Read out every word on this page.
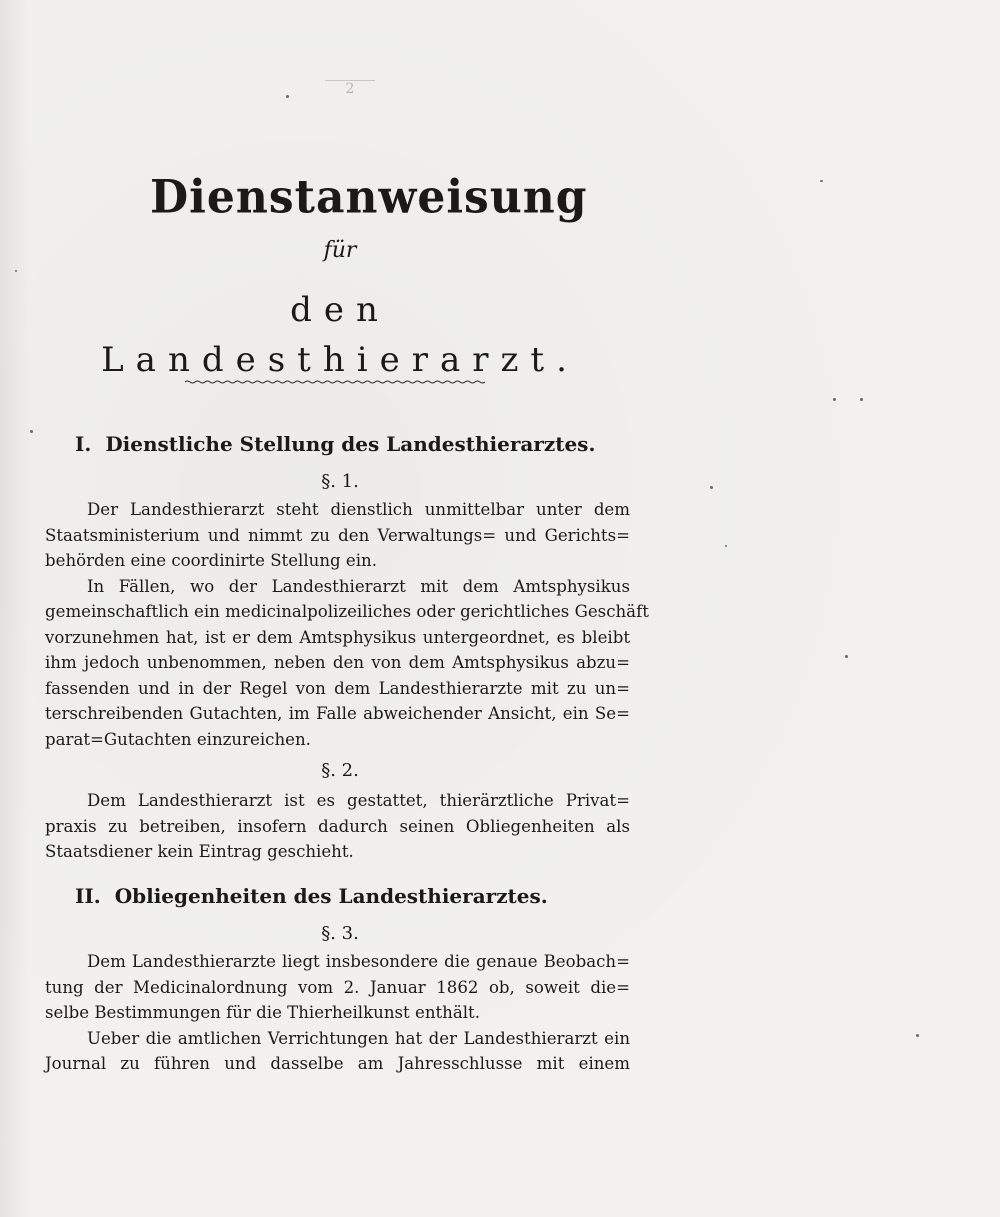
2
Dienstanweisung
für
den Landesthierarzt.
I. Dienstliche Stellung des Landesthierarztes.
§. 1.
Der Landesthierarzt steht dienstlich unmittelbar unter dem
Staatsministerium und nimmt zu den Verwaltungs= und Gerichts=
behörden eine coordinirte Stellung ein.
In Fällen, wo der Landesthierarzt mit dem Amtsphysikus
gemeinschaftlich ein medicinalpolizeiliches oder gerichtliches Geschäft
vorzunehmen hat, ist er dem Amtsphysikus untergeordnet, es bleibt
ihm jedoch unbenommen, neben den von dem Amtsphysikus abzu=
fassenden und in der Regel von dem Landesthierarzte mit zu un=
terschreibenden Gutachten, im Falle abweichender Ansicht, ein Se=
parat=Gutachten einzureichen.
§. 2.
Dem Landesthierarzt ist es gestattet, thierärztliche Privat=
praxis zu betreiben, insofern dadurch seinen Obliegenheiten als
Staatsdiener kein Eintrag geschieht.
II. Obliegenheiten des Landesthierarztes.
§. 3.
Dem Landesthierarzte liegt insbesondere die genaue Beobach=
tung der Medicinalordnung vom 2. Januar 1862 ob, soweit die=
selbe Bestimmungen für die Thierheilkunst enthält.
Ueber die amtlichen Verrichtungen hat der Landesthierarzt ein
Journal zu führen und dasselbe am Jahresschlusse mit einem
